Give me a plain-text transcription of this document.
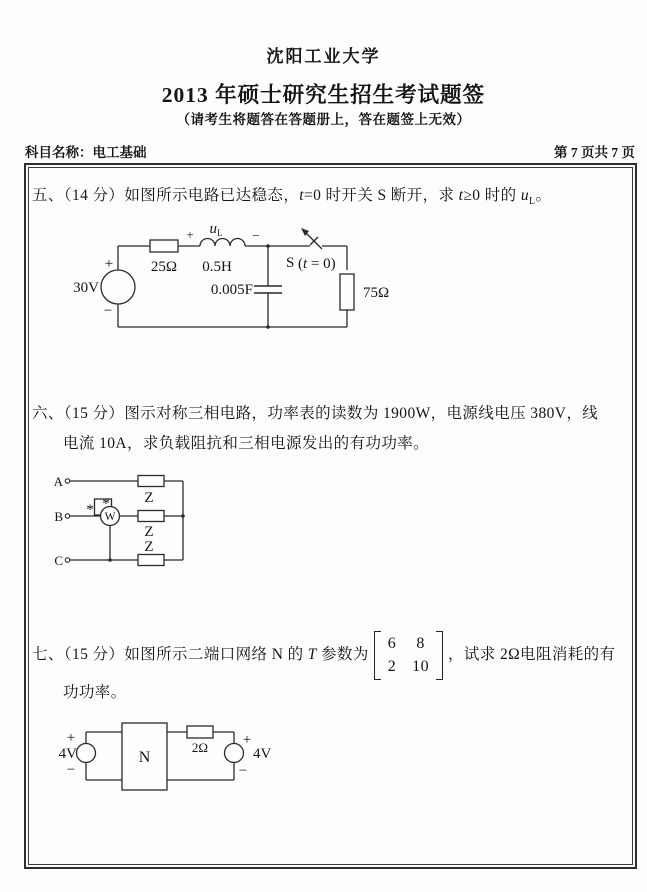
沈阳工业大学
2013 年硕士研究生招生考试题签
（请考生将题答在答题册上，答在题签上无效）
科目名称：电工基础	第 7 页共 7 页
五、（14 分）如图所示电路已达稳态，t=0 时开关 S 断开，求 t≥0 时的 $u_L$。
30V
+
−
25Ω
+ $u_L$ −
0.5H
0.005F
S (t = 0)
75Ω
六、（15 分）图示对称三相电路，功率表的读数为 1900W，电源线电压 380V，线
电流 10A，求负载阻抗和三相电源发出的有功功率。
A
B
C
W
Z
Z
Z
* *
七、（15 分）如图所示二端口网络 N 的 T 参数为
6 8
2 10
，试求 2Ω电阻消耗的有
功功率。
N
+
−
4V	2Ω +
−
4V
